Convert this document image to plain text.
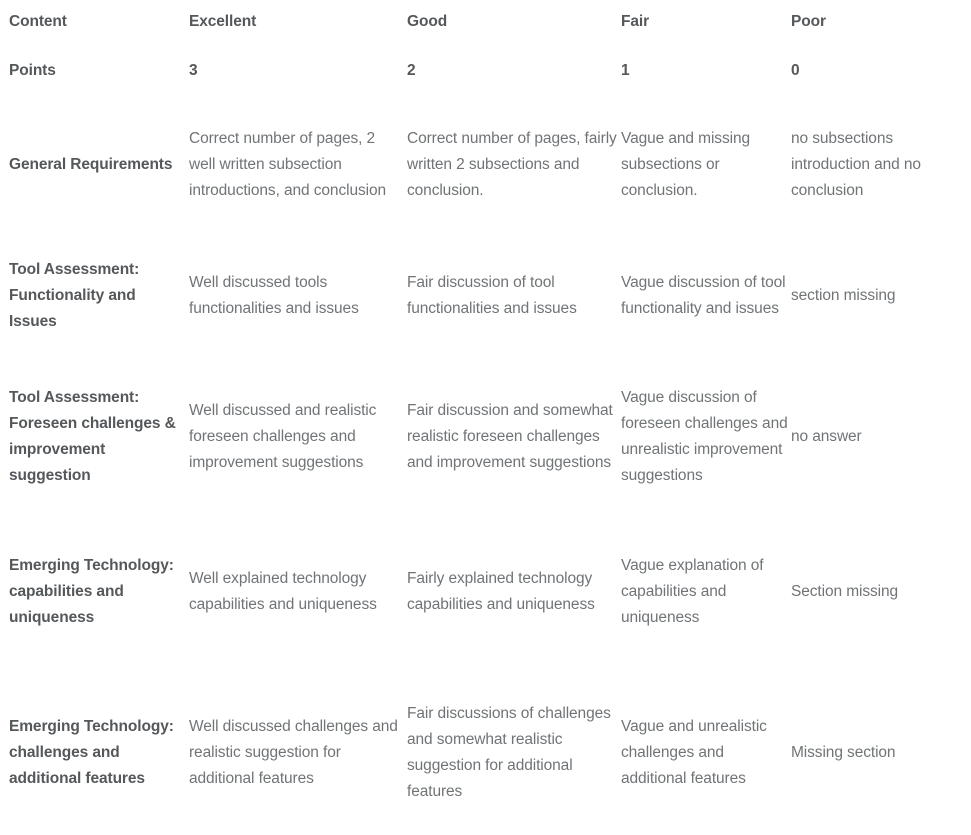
Content	Excellent	Good	Fair	Poor
Points	3	2	1	0
General Requirements	Correct number of pages, 2 well written subsection introductions, and conclusion	Correct number of pages, fairly written 2 subsections and conclusion.	Vague and missing subsections or conclusion.	no subsections introduction and no conclusion
Tool Assessment: Functionality and Issues	Well discussed tools functionalities and issues	Fair discussion of tool functionalities and issues	Vague discussion of tool functionality and issues	section missing
Tool Assessment: Foreseen challenges & improvement suggestion	Well discussed and realistic foreseen challenges and improvement suggestions	Fair discussion and somewhat realistic foreseen challenges and improvement suggestions	Vague discussion of foreseen challenges and unrealistic improvement suggestions	no answer
Emerging Technology: capabilities and uniqueness	Well explained technology capabilities and uniqueness	Fairly explained technology capabilities and uniqueness	Vague explanation of capabilities and uniqueness	Section missing
Emerging Technology: challenges and additional features	Well discussed challenges and realistic suggestion for additional features	Fair discussions of challenges and somewhat realistic suggestion for additional features	Vague and unrealistic challenges and additional features	Missing section
